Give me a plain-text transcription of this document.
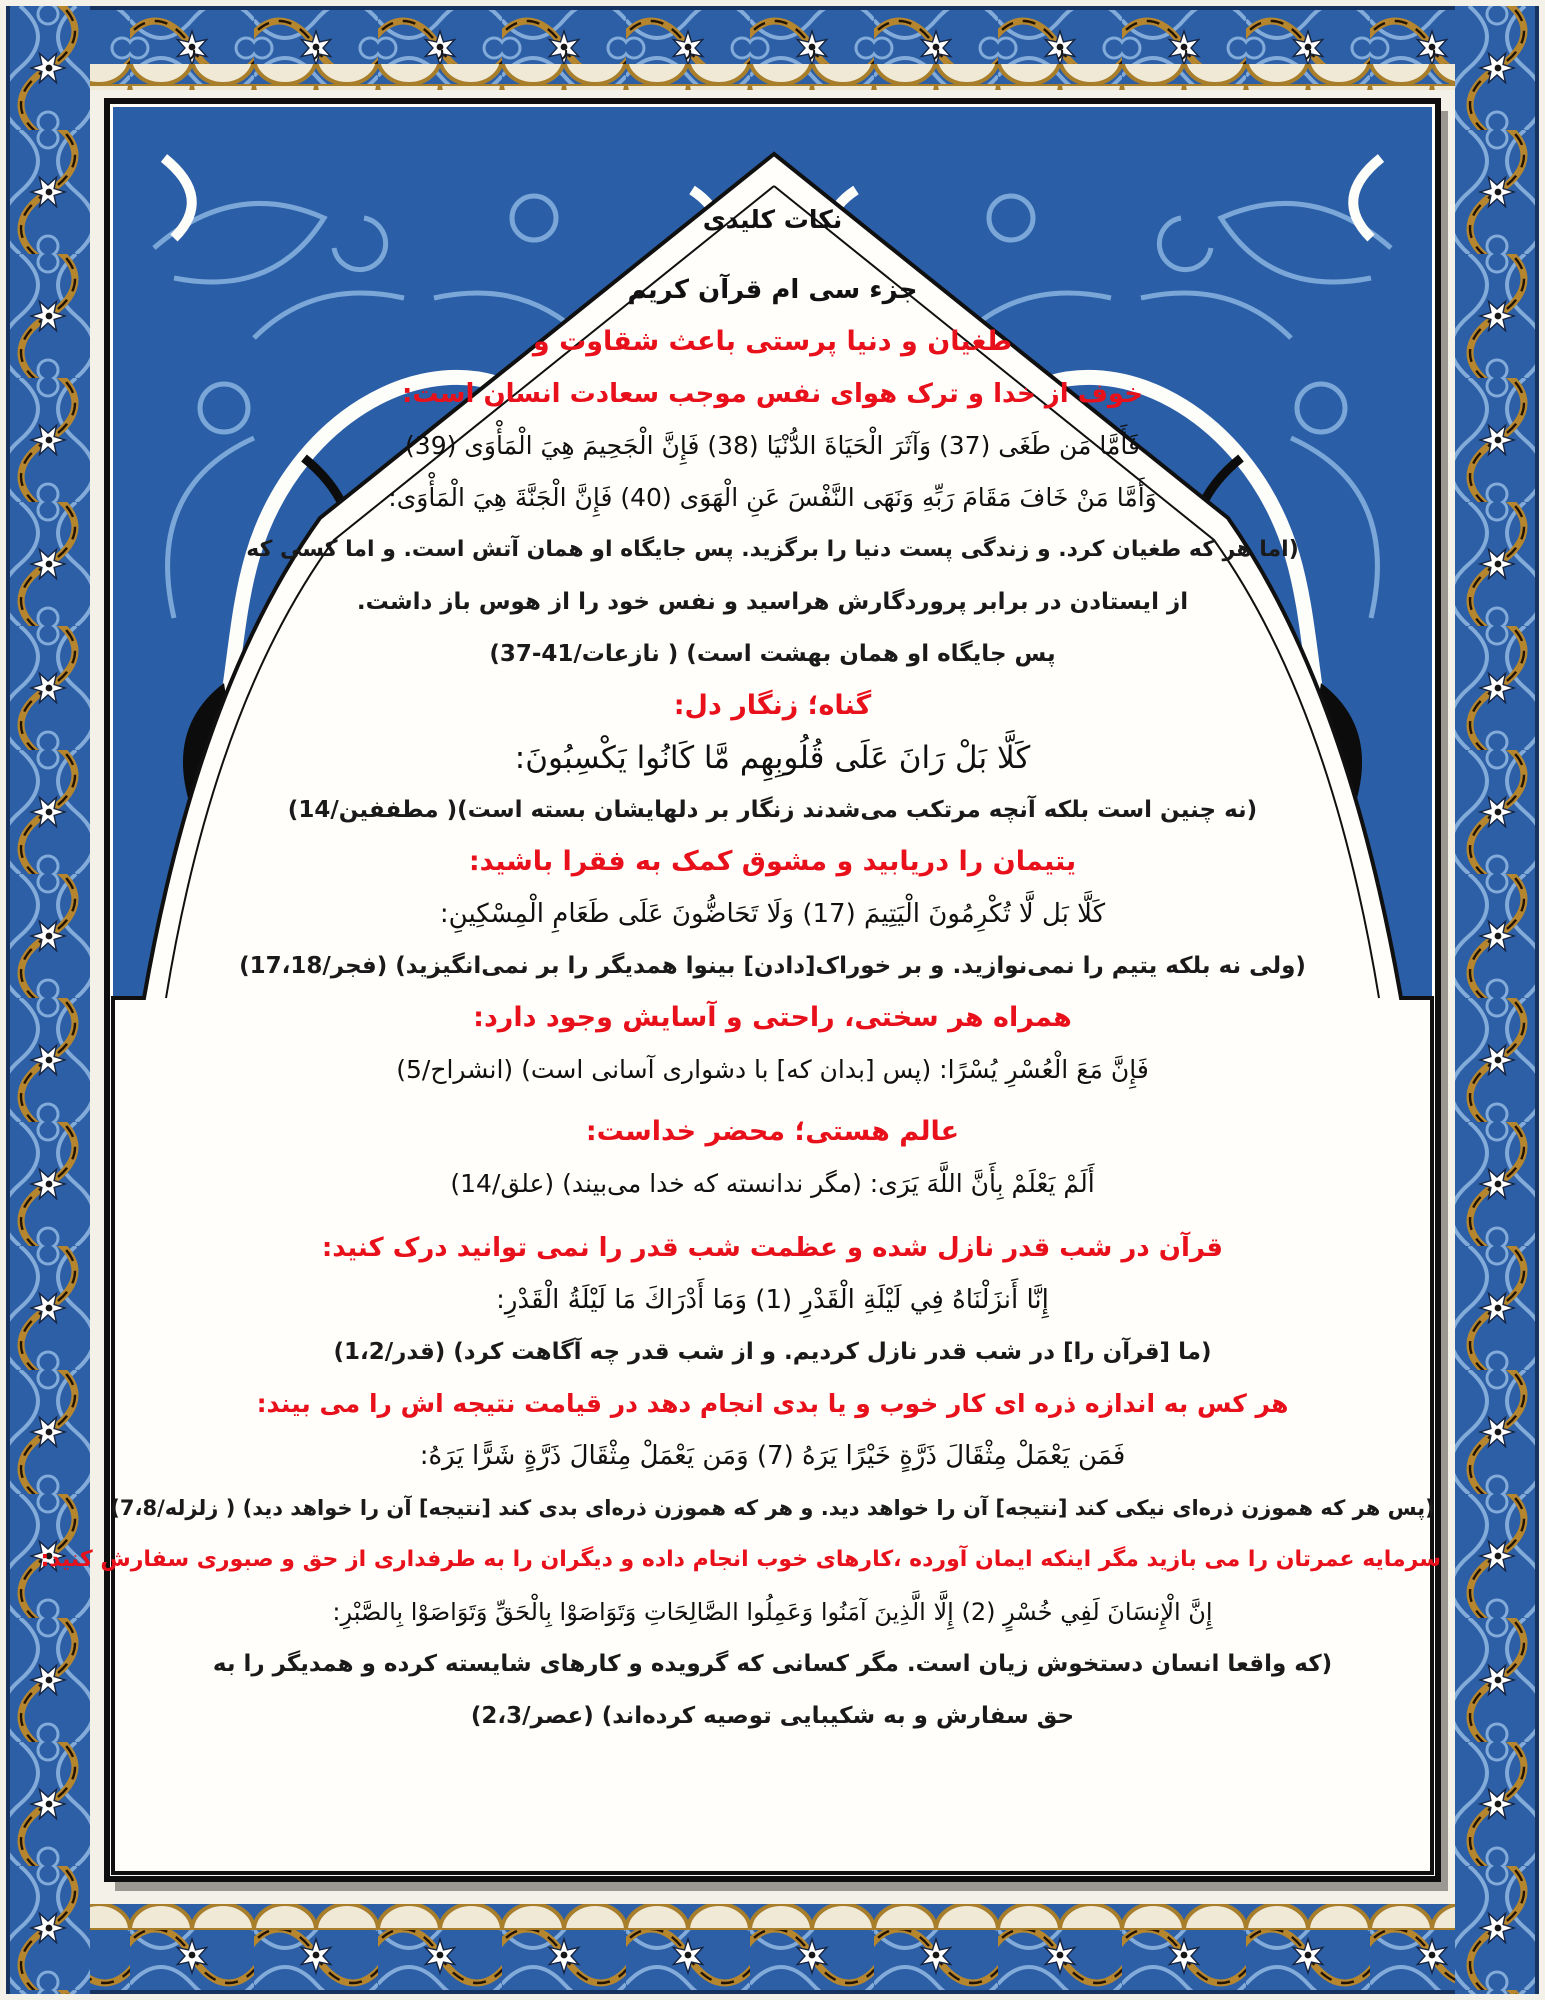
نکات کلیدی
جزء سی ام قرآن کریم
طغیان و دنیا پرستی باعث شقاوت و
خوف از خدا و ترک هوای نفس موجب سعادت انسان است:
فَأَمَّا مَن طَغَى (37) وَآثَرَ الْحَيَاةَ الدُّنْيَا (38) فَإِنَّ الْجَحِيمَ هِيَ الْمَأْوَى (39)
وَأَمَّا مَنْ خَافَ مَقَامَ رَبِّهِ وَنَهَى النَّفْسَ عَنِ الْهَوَى (40) فَإِنَّ الْجَنَّةَ هِيَ الْمَأْوَى:
(اما هر که طغیان کرد. و زندگی پست دنیا را برگزید. پس جایگاه او همان آتش است. و اما کسی که
از ایستادن در برابر پروردگارش هراسید و نفس خود را از هوس باز داشت.
پس جایگاه او همان بهشت است) ( نازعات/41-37)
گناه؛ زنگار دل:
كَلَّا بَلْ رَانَ عَلَى قُلُوبِهِم مَّا كَانُوا يَكْسِبُونَ:
(نه چنین است بلکه آنچه مرتکب می‌شدند زنگار بر دلهایشان بسته است)( مطففین/14)
یتیمان را دریابید و مشوق کمک به فقرا باشید:
كَلَّا بَل لَّا تُكْرِمُونَ الْيَتِيمَ (17) وَلَا تَحَاضُّونَ عَلَى طَعَامِ الْمِسْكِينِ:
(ولی نه بلکه یتیم را نمی‌نوازید. و بر خوراک[دادن] بینوا همدیگر را بر نمی‌انگیزید) (فجر/17،18)
همراه هر سختی، راحتی و آسایش وجود دارد:
فَإِنَّ مَعَ الْعُسْرِ يُسْرًا: (پس [بدان که] با دشواری آسانی است) (انشراح/5)
عالم هستی؛ محضر خداست:
أَلَمْ يَعْلَمْ بِأَنَّ اللَّهَ يَرَى: (مگر ندانسته که خدا می‌بیند) (علق/14)
قرآن در شب قدر نازل شده و عظمت شب قدر را نمی توانید درک کنید:
إِنَّا أَنزَلْنَاهُ فِي لَيْلَةِ الْقَدْرِ (1) وَمَا أَدْرَاكَ مَا لَيْلَةُ الْقَدْرِ:
(ما [قرآن را] در شب قدر نازل کردیم. و از شب قدر چه آگاهت کرد) (قدر/1،2)
هر کس به اندازه ذره ای کار خوب و یا بدی انجام دهد در قیامت نتیجه اش را می بیند:
فَمَن يَعْمَلْ مِثْقَالَ ذَرَّةٍ خَيْرًا يَرَهُ (7) وَمَن يَعْمَلْ مِثْقَالَ ذَرَّةٍ شَرًّا يَرَهُ:
(پس هر که هموزن ذره‌ای نیکی کند [نتیجه] آن را خواهد دید. و هر که هموزن ذره‌ای بدی کند [نتیجه] آن را خواهد دید) ( زلزله/7،8)
سرمایه عمرتان را می بازید مگر اینکه ایمان آورده ،کارهای خوب انجام داده و دیگران را به طرفداری از حق و صبوری سفارش کنید:
إِنَّ الْإِنسَانَ لَفِي خُسْرٍ (2) إِلَّا الَّذِينَ آمَنُوا وَعَمِلُوا الصَّالِحَاتِ وَتَوَاصَوْا بِالْحَقِّ وَتَوَاصَوْا بِالصَّبْرِ:
(که واقعا انسان دستخوش زیان است. مگر کسانی که گرویده و کارهای شایسته کرده و همدیگر را به
حق سفارش و به شکیبایی توصیه کرده‌اند) (عصر/2،3)
